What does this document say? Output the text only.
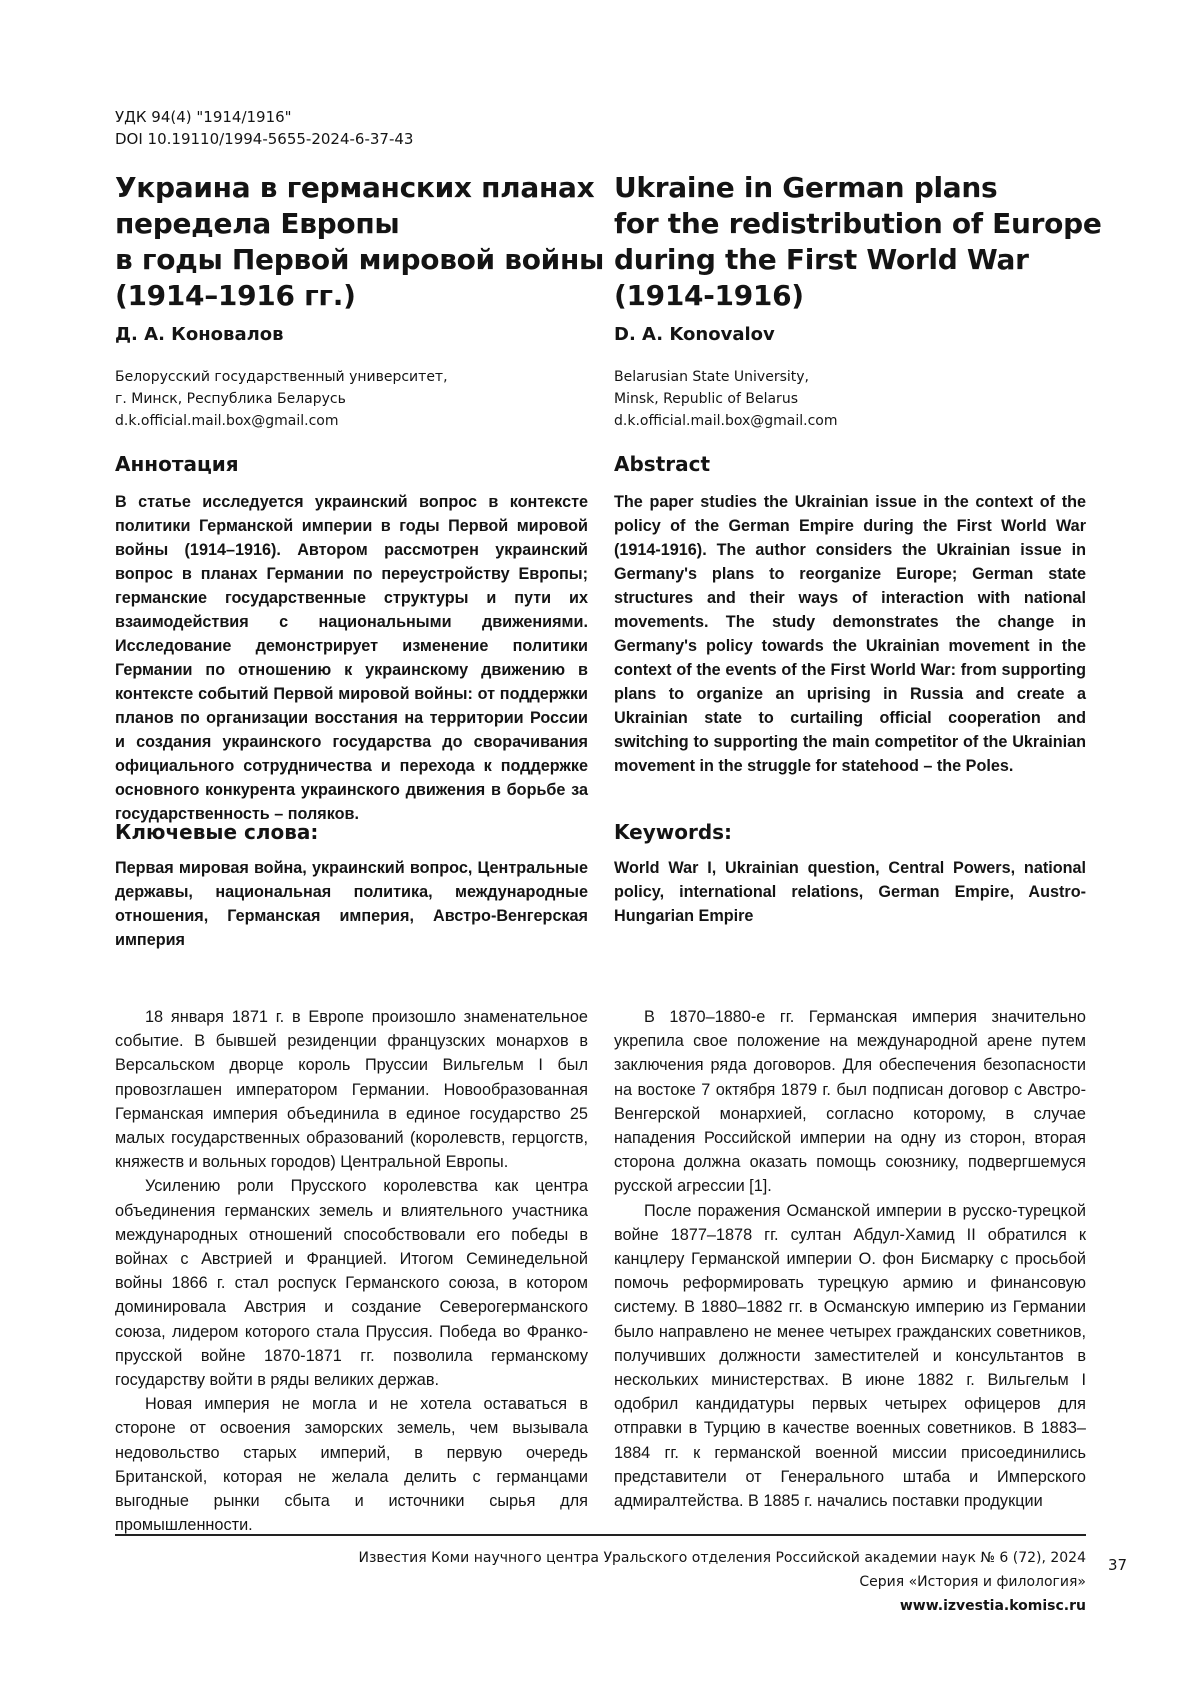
УДК 94(4) "1914/1916"
DOI 10.19110/1994-5655-2024-6-37-43
Украина в германских планах
передела Европы
в годы Первой мировой войны
(1914–1916 гг.)
Ukraine in German plans
for the redistribution of Europe
during the First World War
(1914-1916)
Д. А. Коновалов	D. A. Konovalov
Белорусский государственный университет,
г. Минск, Республика Беларусь
d.k.official.mail.box@gmail.com
Belarusian State University,
Minsk, Republic of Belarus
d.k.official.mail.box@gmail.com
Аннотация	Abstract
В статье исследуется украинский вопрос в контексте политики Германской империи в годы Первой мировой войны (1914–1916). Автором рассмотрен украинский вопрос в планах Германии по переустройству Европы; германские государственные структуры и пути их взаимодействия с национальными движениями. Исследование демонстрирует изменение политики Германии по отношению к украинскому движению в контексте событий Первой мировой войны: от поддержки планов по организации восстания на территории России и создания украинского государства до сворачивания официального сотрудничества и перехода к поддержке основного конкурента украинского движения в борьбе за государственность – поляков.
The paper studies the Ukrainian issue in the context of the policy of the German Empire during the First World War (1914-1916). The author considers the Ukrainian issue in Germany's plans to reorganize Europe; German state structures and their ways of interaction with national movements. The study demonstrates the change in Germany's policy towards the Ukrainian movement in the context of the events of the First World War: from supporting plans to organize an uprising in Russia and create a Ukrainian state to curtailing official cooperation and switching to supporting the main competitor of the Ukrainian movement in the struggle for statehood – the Poles.
Ключевые слова:	Keywords:
Первая мировая война, украинский вопрос, Центральные державы, национальная политика, международные отношения, Германская империя, Австро-Венгерская империя
World War I, Ukrainian question, Central Powers, national policy, international relations, German Empire, Austro-Hungarian Empire

18 января 1871 г. в Европе произошло знаменательное событие. В бывшей резиденции французских монархов в Версальском дворце король Пруссии Вильгельм I был провозглашен императором Германии. Новообразованная Германская империя объединила в единое государство 25 малых государственных образований (королевств, герцогств, княжеств и вольных городов) Центральной Европы.

Усилению роли Прусского королевства как центра объединения германских земель и влиятельного участника международных отношений способствовали его победы в войнах с Австрией и Францией. Итогом Семинедельной войны 1866 г. стал роспуск Германского союза, в котором доминировала Австрия и создание Северогерманского союза, лидером которого стала Пруссия. Победа во Франко-прусской войне 1870-1871 гг. позволила германскому государству войти в ряды великих держав.

Новая империя не могла и не хотела оставаться в стороне от освоения заморских земель, чем вызывала недовольство старых империй, в первую очередь Британской, которая не желала делить с германцами выгодные рынки сбыта и источники сырья для промышленности.

В 1870–1880-е гг. Германская империя значительно укрепила свое положение на международной арене путем заключения ряда договоров. Для обеспечения безопасности на востоке 7 октября 1879 г. был подписан договор с Австро-Венгерской монархией, согласно которому, в случае нападения Российской империи на одну из сторон, вторая сторона должна оказать помощь союзнику, подвергшемуся русской агрессии [1].

После поражения Османской империи в русско-турецкой войне 1877–1878 гг. султан Абдул-Хамид II обратился к канцлеру Германской империи О. фон Бисмарку с просьбой помочь реформировать турецкую армию и финансовую систему. В 1880–1882 гг. в Османскую империю из Германии было направлено не менее четырех гражданских советников, получивших должности заместителей и консультантов в нескольких министерствах. В июне 1882 г. Вильгельм I одобрил кандидатуры первых четырех офицеров для отправки в Турцию в качестве военных советников. В 1883–1884 гг. к германской военной миссии присоединились представители от Генерального штаба и Имперского адмиралтейства. В 1885 г. начались поставки продукции

Известия Коми научного центра Уральского отделения Российской академии наук № 6 (72), 2024
Серия «История и филология»
www.izvestia.komisc.ru
37
